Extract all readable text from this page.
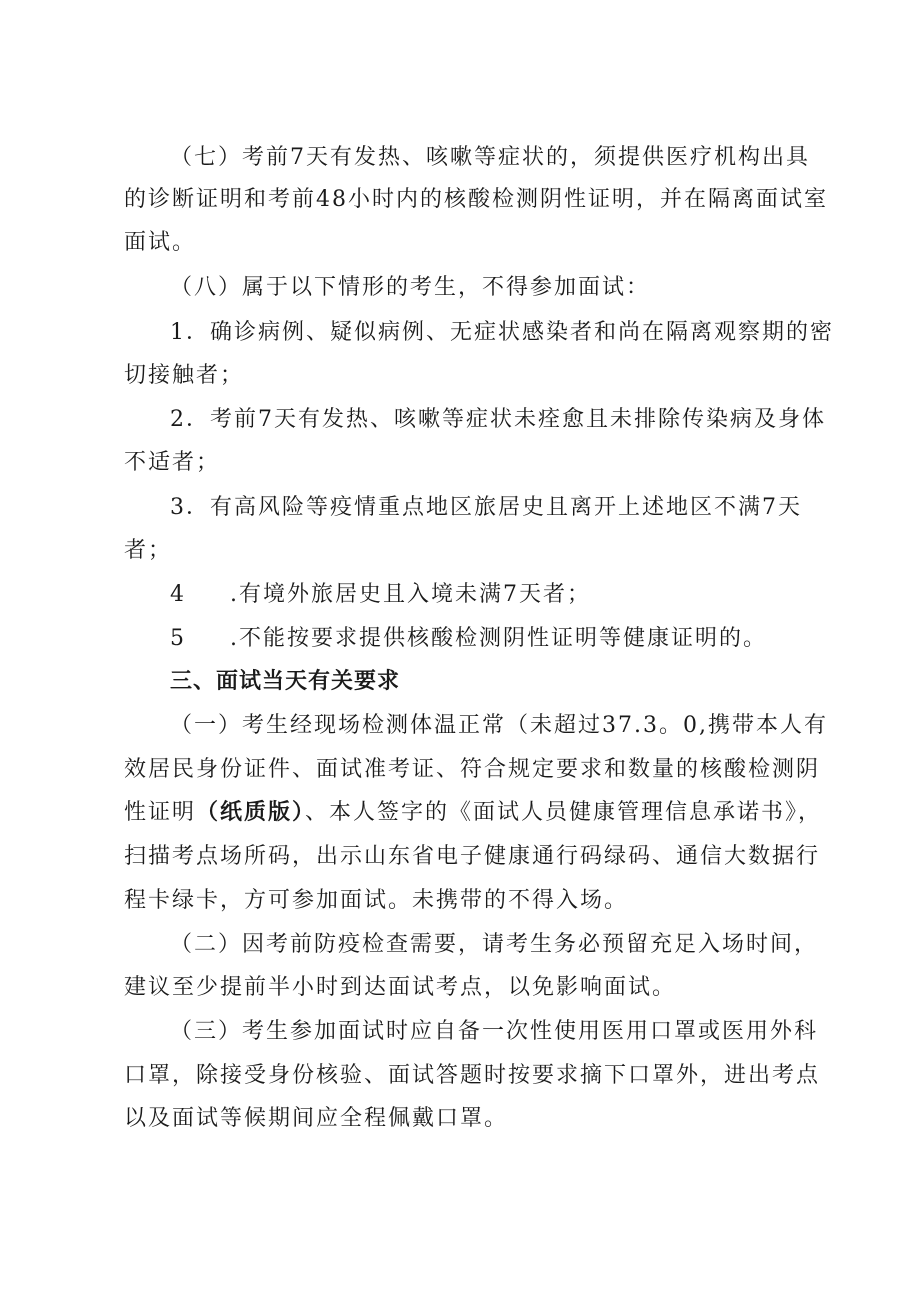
（七）考前7天有发热、咳嗽等症状的，须提供医疗机构出具
的诊断证明和考前48小时内的核酸检测阴性证明，并在隔离面试室
面试。
（八）属于以下情形的考生，不得参加面试：
1．确诊病例、疑似病例、无症状感染者和尚在隔离观察期的密
切接触者；
2．考前7天有发热、咳嗽等症状未痊愈且未排除传染病及身体
不适者；
3．有高风险等疫情重点地区旅居史且离开上述地区不满7天
者；
4 .有境外旅居史且入境未满7天者；
5 .不能按要求提供核酸检测阴性证明等健康证明的。
三、面试当天有关要求
（一）考生经现场检测体温正常（未超过37.3。0,携带本人有
效居民身份证件、面试准考证、符合规定要求和数量的核酸检测阴
性证明（纸质版）、本人签字的《面试人员健康管理信息承诺书》，
扫描考点场所码，出示山东省电子健康通行码绿码、通信大数据行
程卡绿卡，方可参加面试。未携带的不得入场。
（二）因考前防疫检查需要，请考生务必预留充足入场时间，
建议至少提前半小时到达面试考点，以免影响面试。
（三）考生参加面试时应自备一次性使用医用口罩或医用外科
口罩，除接受身份核验、面试答题时按要求摘下口罩外，进出考点
以及面试等候期间应全程佩戴口罩。
